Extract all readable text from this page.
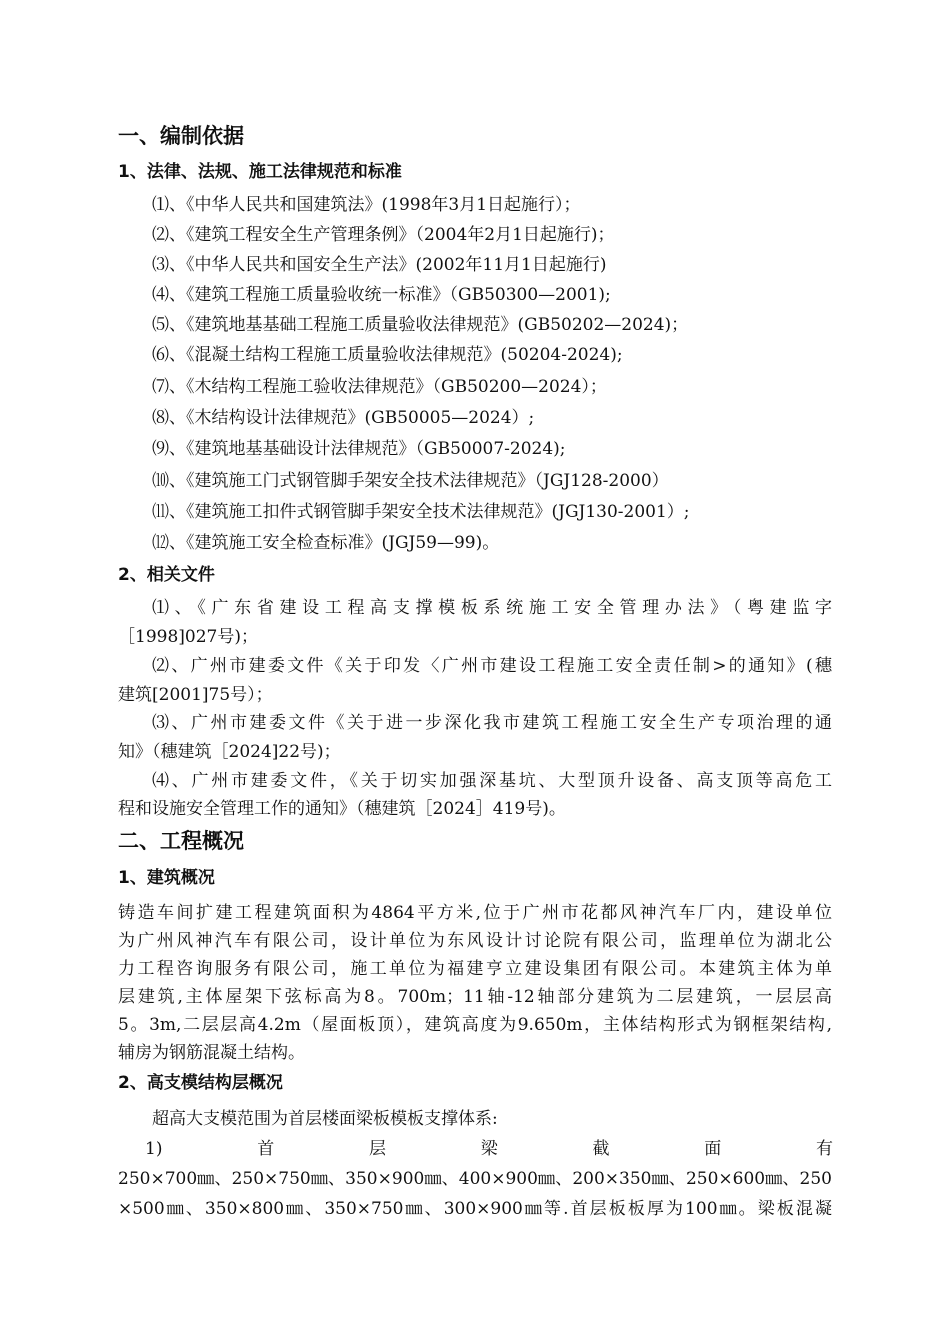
一、编制依据
1、法律、法规、施工法律规范和标准
⑴、《中华人民共和国建筑法》(1998年3月1日起施行）；
⑵、《建筑工程安全生产管理条例》（2004年2月1日起施行)；
⑶、《中华人民共和国安全生产法》(2002年11月1日起施行)
⑷、《建筑工程施工质量验收统一标准》（GB50300—2001);
⑸、《建筑地基基础工程施工质量验收法律规范》(GB50202—2024)；
⑹、《混凝土结构工程施工质量验收法律规范》(50204-2024);
⑺、《木结构工程施工验收法律规范》（GB50200—2024）；
⑻、《木结构设计法律规范》(GB50005—2024）;
⑼、《建筑地基基础设计法律规范》（GB50007-2024);
⑽、《建筑施工门式钢管脚手架安全技术法律规范》（JGJ128-2000）
⑾、《建筑施工扣件式钢管脚手架安全技术法律规范》(JGJ130-2001）;
⑿、《建筑施工安全检查标准》(JGJ59—99)。
2、相关文件
⑴、《广东省建设工程高支撑模板系统施工安全管理办法》（粤建监字
［1998]027号)；
⑵、广州市建委文件《关于印发〈广州市建设工程施工安全责任制>的通知》(穗
建筑[2001]75号）；
⑶、广州市建委文件《关于进一步深化我市建筑工程施工安全生产专项治理的通
知》（穗建筑［2024]22号)；
⑷、广州市建委文件，《关于切实加强深基坑、大型顶升设备、高支顶等高危工
程和设施安全管理工作的通知》（穗建筑［2024］419号)。
二、工程概况
1、建筑概况
铸造车间扩建工程建筑面积为4864平方米,位于广州市花都风神汽车厂内，建设单位
为广州风神汽车有限公司，设计单位为东风设计讨论院有限公司，监理单位为湖北公
力工程咨询服务有限公司，施工单位为福建亨立建设集团有限公司。本建筑主体为单
层建筑,主体屋架下弦标高为8。700m；11轴-12轴部分建筑为二层建筑，一层层高
5。3m,二层层高4.2m（屋面板顶），建筑高度为9.650m，主体结构形式为钢框架结构,
辅房为钢筋混凝土结构。
2、高支模结构层概况
超高大支模范围为首层楼面梁板模板支撑体系:
1)	首	层	梁	截	面	有
250×700㎜、250×750㎜、350×900㎜、400×900㎜、200×350㎜、250×600㎜、250
×500㎜、350×800㎜、350×750㎜、300×900㎜等.首层板板厚为100㎜。梁板混凝
